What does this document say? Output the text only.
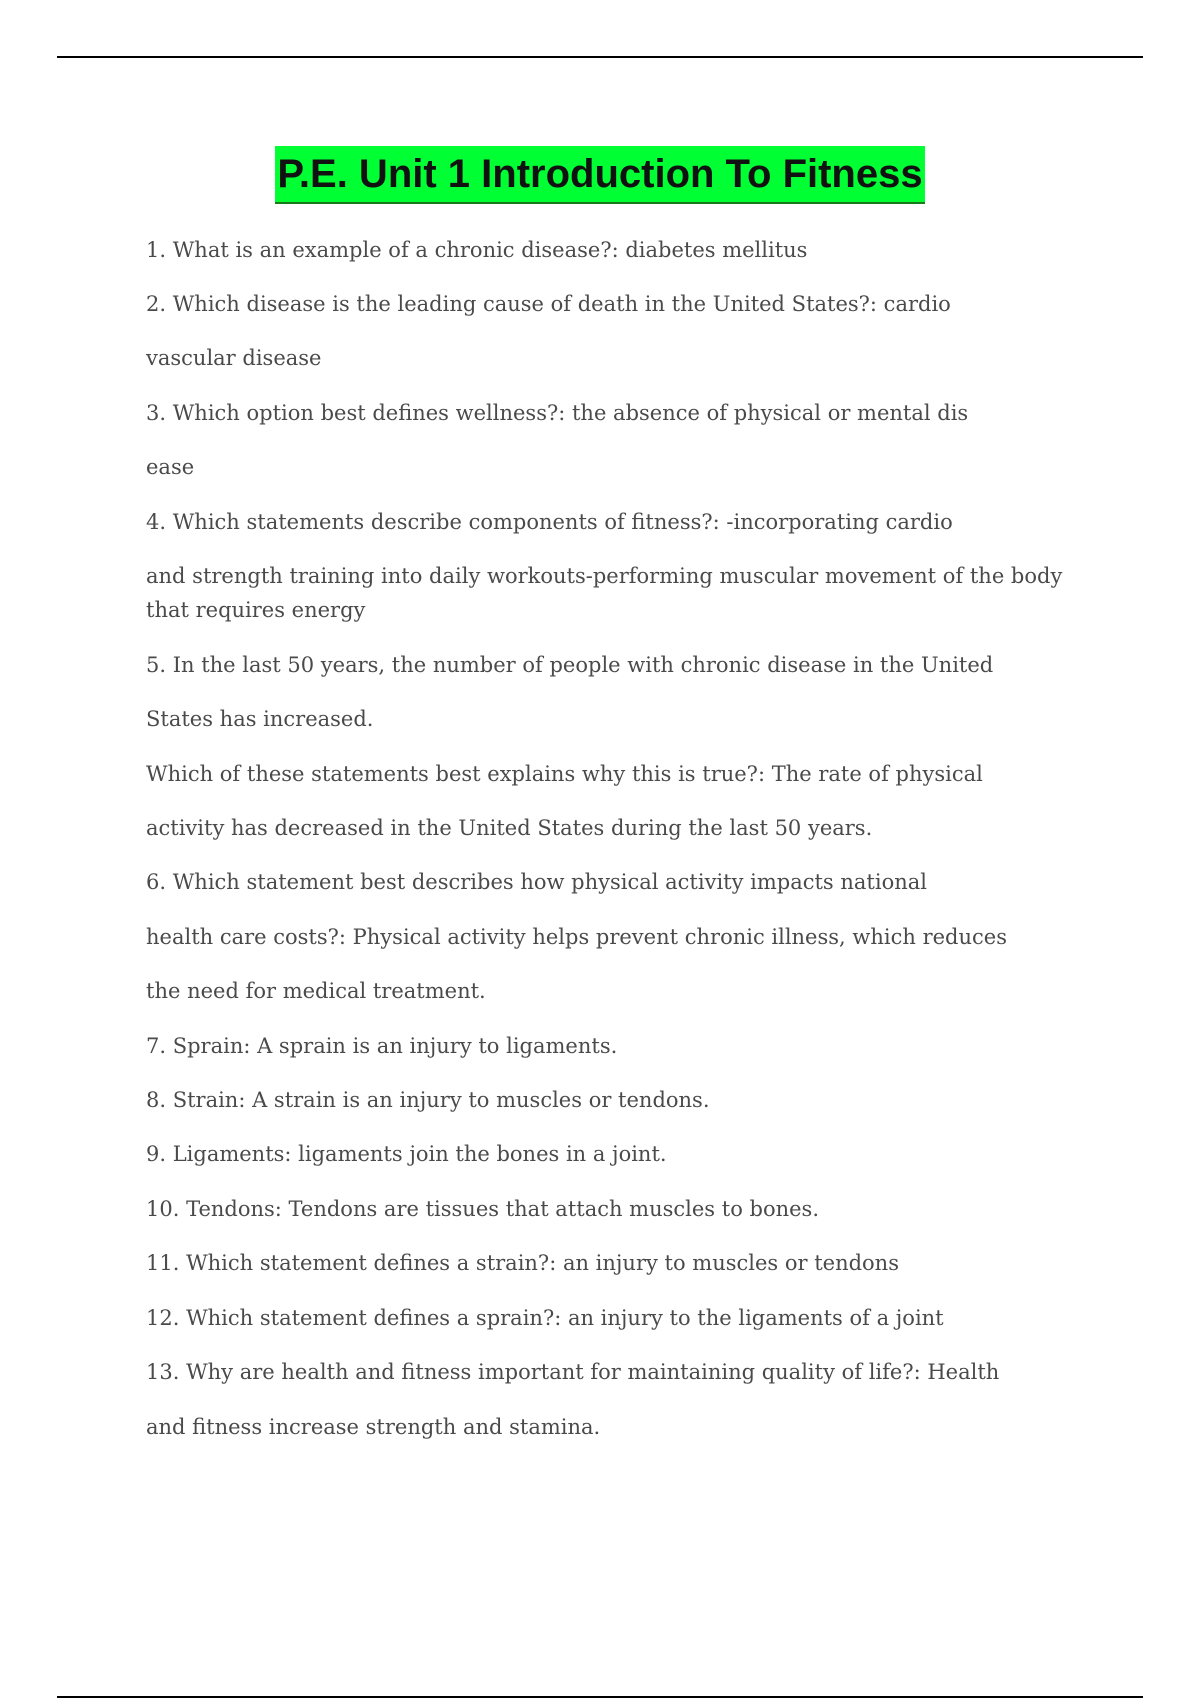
P.E. Unit 1 Introduction To Fitness

1. What is an example of a chronic disease?: diabetes mellitus

2. Which disease is the leading cause of death in the United States?: cardio

vascular disease

3. Which option best defines wellness?: the absence of physical or mental dis

ease

4. Which statements describe components of fitness?: -incorporating cardio

and strength training into daily workouts-performing muscular movement of the body

that requires energy

5. In the last 50 years, the number of people with chronic disease in the United

States has increased.

Which of these statements best explains why this is true?: The rate of physical

activity has decreased in the United States during the last 50 years.

6. Which statement best describes how physical activity impacts national

health care costs?: Physical activity helps prevent chronic illness, which reduces

the need for medical treatment.

7. Sprain: A sprain is an injury to ligaments.

8. Strain: A strain is an injury to muscles or tendons.

9. Ligaments: ligaments join the bones in a joint.

10. Tendons: Tendons are tissues that attach muscles to bones.

11. Which statement defines a strain?: an injury to muscles or tendons

12. Which statement defines a sprain?: an injury to the ligaments of a joint

13. Why are health and fitness important for maintaining quality of life?: Health

and fitness increase strength and stamina.
